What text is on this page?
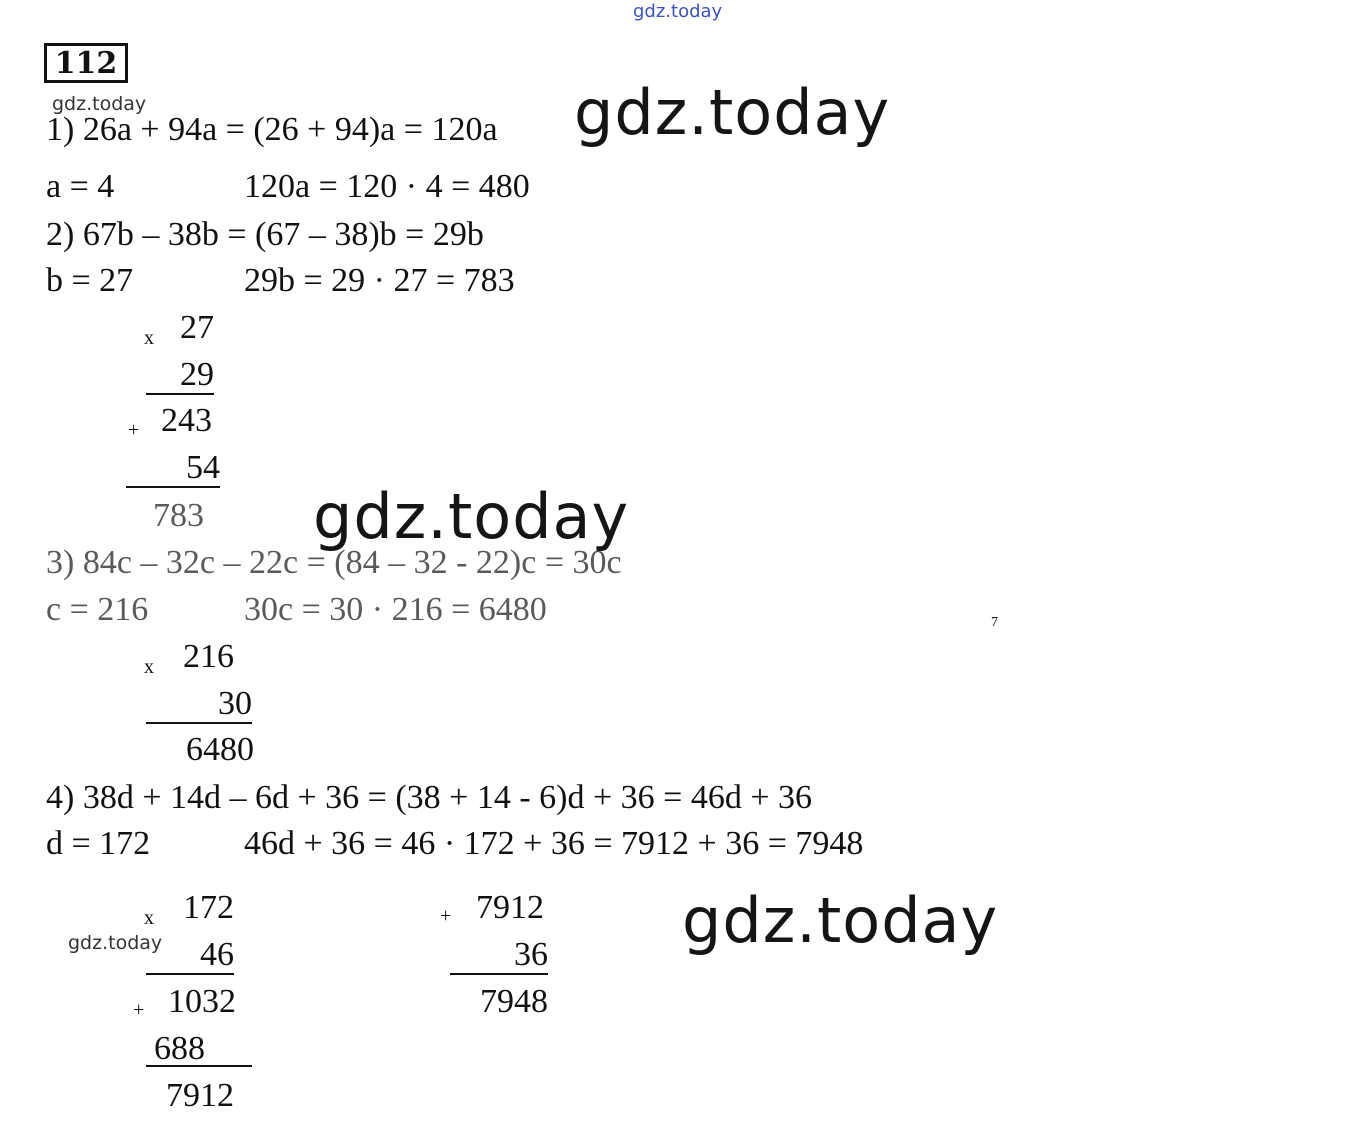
gdz.today
112
gdz.today	gdz.today
gdz.today
gdz.today	gdz.today
1) 26a + 94a = (26 + 94)a = 120a
a = 4	120a = 120 · 4 = 480
2) 67b – 38b = (67 – 38)b = 29b
b = 27	29b = 29 · 27 = 783
x 27
29
+ 243
54
783
3) 84c – 32c – 22c = (84 – 32 - 22)c = 30c
c = 216	30c = 30 · 216 = 6480	7
x 216
30
6480
4) 38d + 14d – 6d + 36 = (38 + 14 - 6)d + 36 = 46d + 36
d = 172	46d + 36 = 46 · 172 + 36 = 7912 + 36 = 7948
x 172
46
+ 1032
688
7912
+ 7912
36
7948
